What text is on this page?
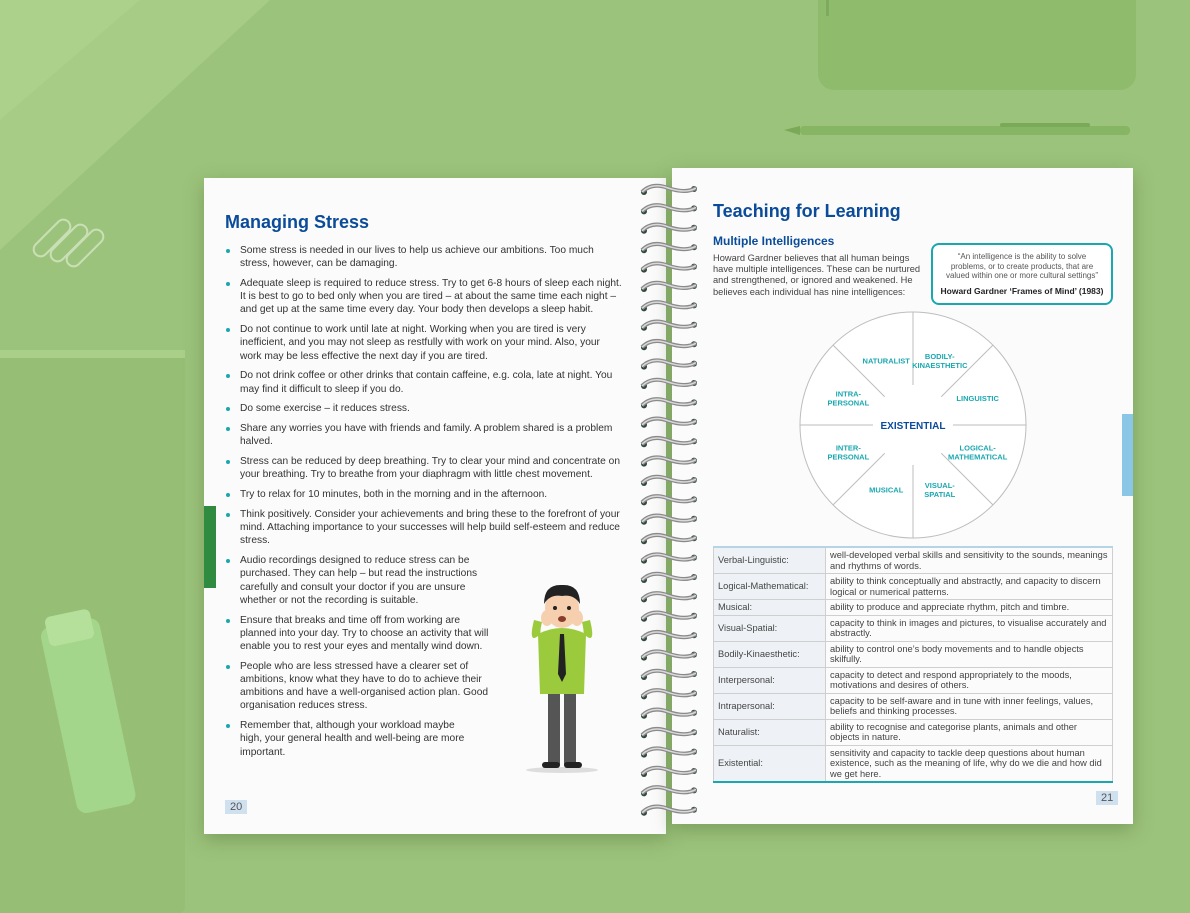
Managing Stress
Some stress is needed in our lives to help us achieve our ambitions. Too much stress, however, can be damaging.
Adequate sleep is required to reduce stress. Try to get 6-8 hours of sleep each night. It is best to go to bed only when you are tired – at about the same time each night – and get up at the same time every day. Your body then develops a sleep habit.
Do not continue to work until late at night. Working when you are tired is very inefficient, and you may not sleep as restfully with work on your mind. Also, your work may be less effective the next day if you are tired.
Do not drink coffee or other drinks that contain caffeine, e.g. cola, late at night. You may find it difficult to sleep if you do.
Do some exercise – it reduces stress.
Share any worries you have with friends and family. A problem shared is a problem halved.
Stress can be reduced by deep breathing. Try to clear your mind and concentrate on your breathing. Try to breathe from your diaphragm with little chest movement.
Try to relax for 10 minutes, both in the morning and in the afternoon.
Think positively. Consider your achievements and bring these to the forefront of your mind. Attaching importance to your successes will help build self-esteem and reduce stress.
Audio recordings designed to reduce stress can be purchased. They can help – but read the instructions carefully and consult your doctor if you are unsure whether or not the recording is suitable.
Ensure that breaks and time off from working are planned into your day. Try to choose an activity that will enable you to rest your eyes and mentally wind down.
People who are less stressed have a clearer set of ambitions, know what they have to do to achieve their ambitions and have a well-organised action plan. Good organisation reduces stress.
Remember that, although your workload maybe high, your general health and well-being are more important.
20
Teaching for Learning
Multiple Intelligences
Howard Gardner believes that all human beings have multiple intelligences. These can be nurtured and strengthened, or ignored and weakened. He believes each individual has nine intelligences:
“An intelligence is the ability to solve problems, or to create products, that are valued within one or more cultural settings”
Howard Gardner ‘Frames of Mind’ (1983)
BODILY-KINAESTHETIC
LINGUISTIC
LOGICAL-MATHEMATICAL
VISUAL-SPATIAL
MUSICAL
INTER-PERSONAL
INTRA-PERSONAL
NATURALIST
EXISTENTIAL
Verbal-Linguistic:	well-developed verbal skills and sensitivity to the sounds, meanings and rhythms of words.
Logical-Mathematical:	ability to think conceptually and abstractly, and capacity to discern logical or numerical patterns.
Musical:	ability to produce and appreciate rhythm, pitch and timbre.
Visual-Spatial:	capacity to think in images and pictures, to visualise accurately and abstractly.
Bodily-Kinaesthetic:	ability to control one’s body movements and to handle objects skilfully.
Interpersonal:	capacity to detect and respond appropriately to the moods, motivations and desires of others.
Intrapersonal:	capacity to be self-aware and in tune with inner feelings, values, beliefs and thinking processes.
Naturalist:	ability to recognise and categorise plants, animals and other objects in nature.
Existential:	sensitivity and capacity to tackle deep questions about human existence, such as the meaning of life, why do we die and how did we get here.
21
